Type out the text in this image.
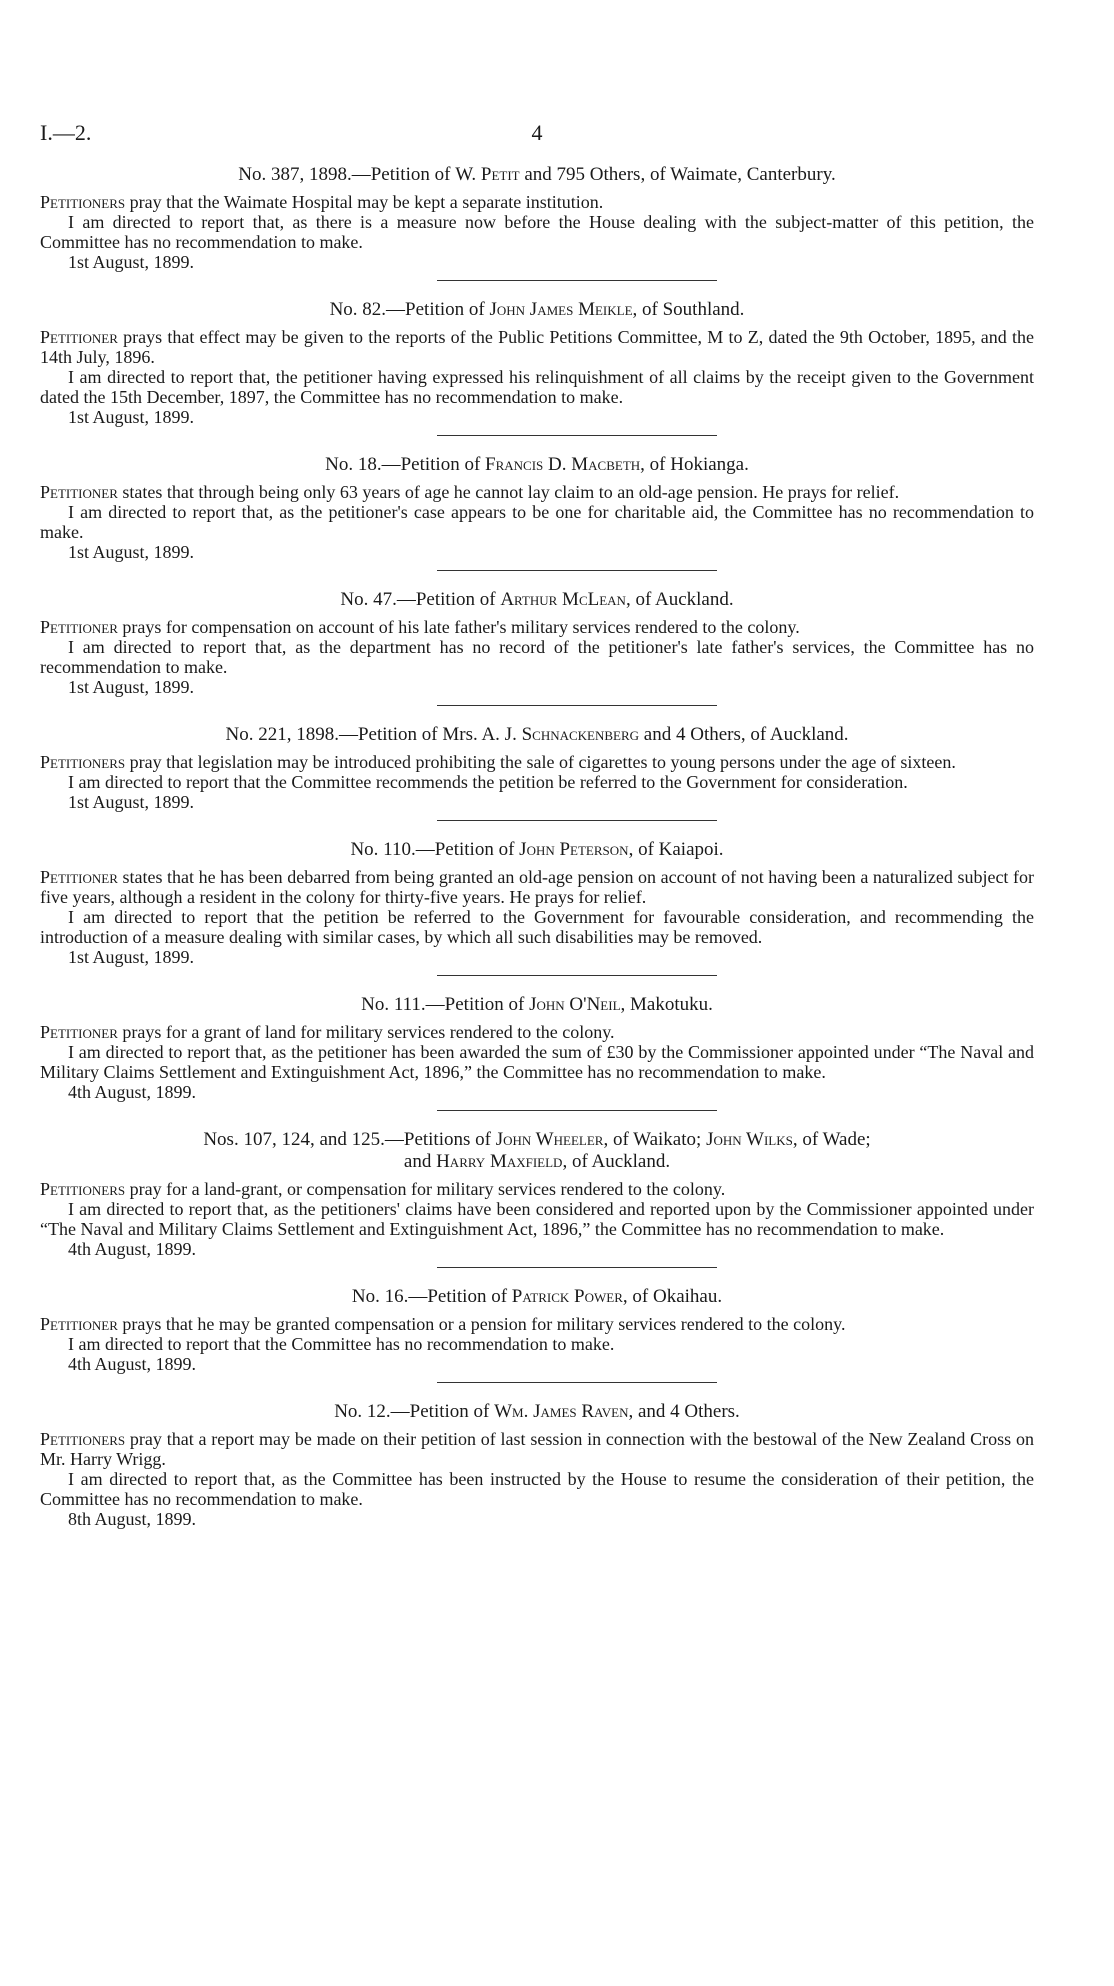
I.—2.	4
No. 387, 1898.—Petition of W. Petit and 795 Others, of Waimate, Canterbury.

Petitioners pray that the Waimate Hospital may be kept a separate institution.

I am directed to report that, as there is a measure now before the House dealing with the subject-matter of this petition, the Committee has no recommendation to make.

1st August, 1899.
No. 82.—Petition of John James Meikle, of Southland.

Petitioner prays that effect may be given to the reports of the Public Petitions Committee, M to Z, dated the 9th October, 1895, and the 14th July, 1896.

I am directed to report that, the petitioner having expressed his relinquishment of all claims by the receipt given to the Government dated the 15th December, 1897, the Committee has no recommendation to make.

1st August, 1899.
No. 18.—Petition of Francis D. Macbeth, of Hokianga.

Petitioner states that through being only 63 years of age he cannot lay claim to an old-age pension. He prays for relief.

I am directed to report that, as the petitioner's case appears to be one for charitable aid, the Committee has no recommendation to make.

1st August, 1899.
No. 47.—Petition of Arthur McLean, of Auckland.

Petitioner prays for compensation on account of his late father's military services rendered to the colony.

I am directed to report that, as the department has no record of the petitioner's late father's services, the Committee has no recommendation to make.

1st August, 1899.
No. 221, 1898.—Petition of Mrs. A. J. Schnackenberg and 4 Others, of Auckland.

Petitioners pray that legislation may be introduced prohibiting the sale of cigarettes to young persons under the age of sixteen.

I am directed to report that the Committee recommends the petition be referred to the Government for consideration.

1st August, 1899.
No. 110.—Petition of John Peterson, of Kaiapoi.

Petitioner states that he has been debarred from being granted an old-age pension on account of not having been a naturalized subject for five years, although a resident in the colony for thirty-five years. He prays for relief.

I am directed to report that the petition be referred to the Government for favourable consideration, and recommending the introduction of a measure dealing with similar cases, by which all such disabilities may be removed.

1st August, 1899.
No. 111.—Petition of John O'Neil, Makotuku.

Petitioner prays for a grant of land for military services rendered to the colony.

I am directed to report that, as the petitioner has been awarded the sum of £30 by the Commissioner appointed under “The Naval and Military Claims Settlement and Extinguishment Act, 1896,” the Committee has no recommendation to make.

4th August, 1899.
Nos. 107, 124, and 125.—Petitions of John Wheeler, of Waikato; John Wilks, of Wade;
and Harry Maxfield, of Auckland.

Petitioners pray for a land-grant, or compensation for military services rendered to the colony.

I am directed to report that, as the petitioners' claims have been considered and reported upon by the Commissioner appointed under “The Naval and Military Claims Settlement and Extinguishment Act, 1896,” the Committee has no recommendation to make.

4th August, 1899.
No. 16.—Petition of Patrick Power, of Okaihau.

Petitioner prays that he may be granted compensation or a pension for military services rendered to the colony.

I am directed to report that the Committee has no recommendation to make.

4th August, 1899.
No. 12.—Petition of Wm. James Raven, and 4 Others.

Petitioners pray that a report may be made on their petition of last session in connection with the bestowal of the New Zealand Cross on Mr. Harry Wrigg.

I am directed to report that, as the Committee has been instructed by the House to resume the consideration of their petition, the Committee has no recommendation to make.

8th August, 1899.
